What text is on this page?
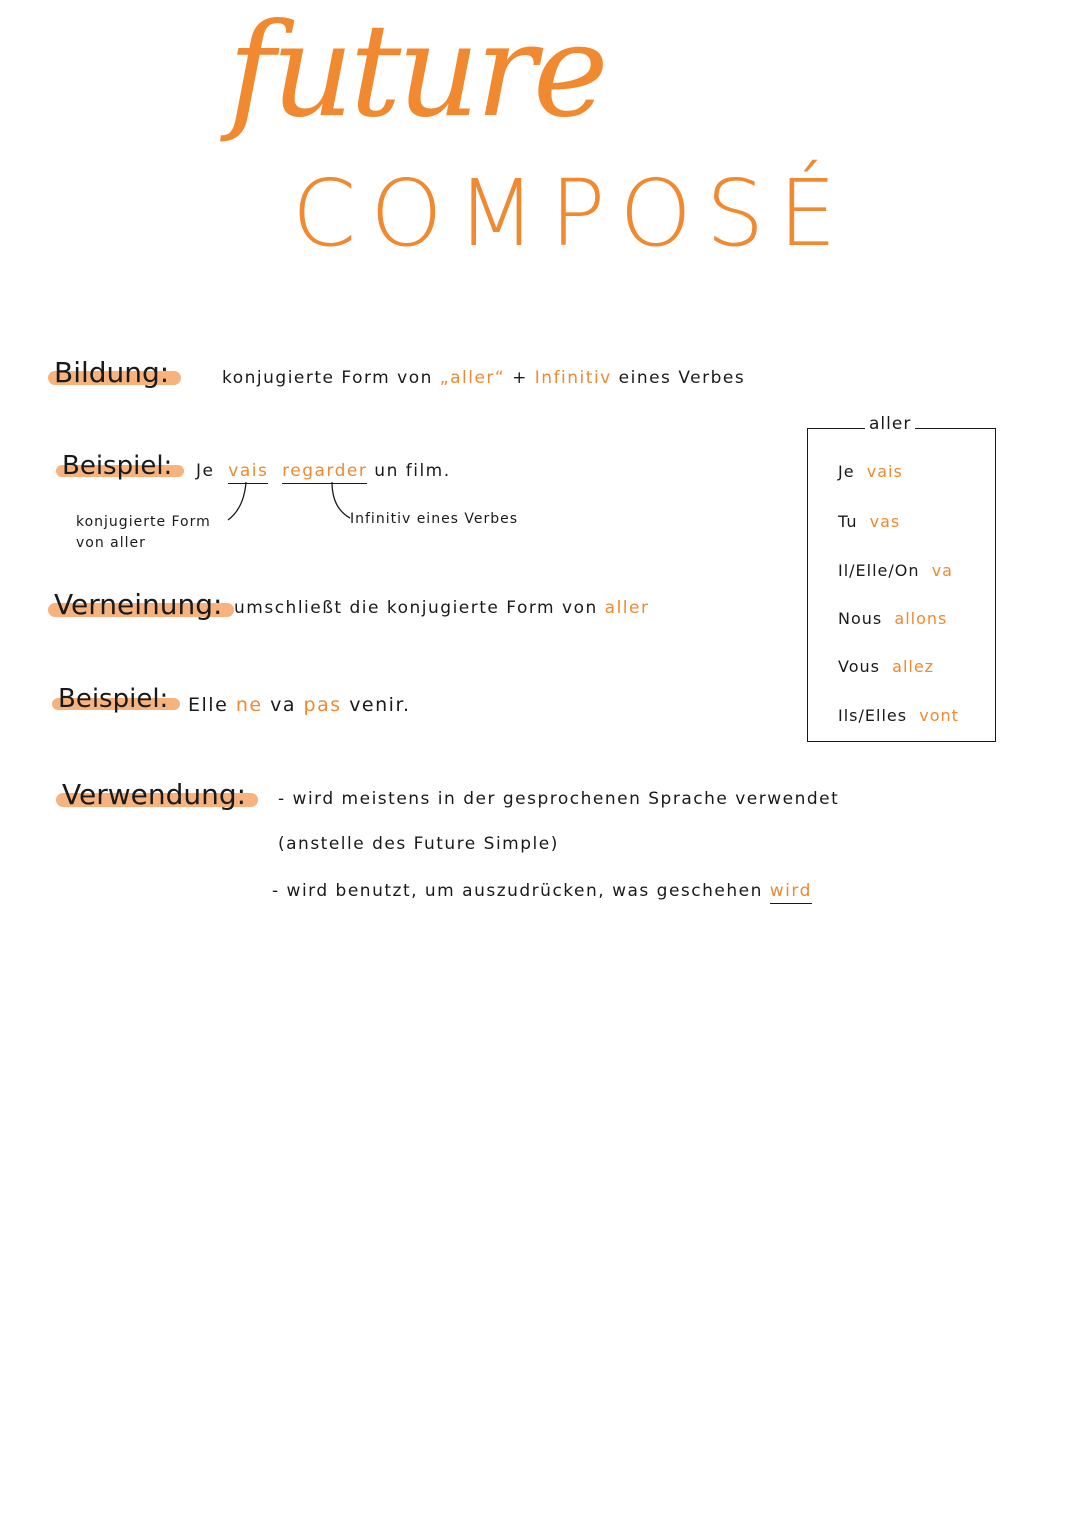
future
COMPOSÉ
Bildung:	konjugierte Form von „aller“ + Infinitiv eines Verbes
Beispiel:	Je vais regarder un film.
konjugierte Form
von aller
Infinitiv eines Verbes
Verneinung: umschließt die konjugierte Form von aller
Beispiel:	Elle ne va pas venir.
aller
Je vais
Tu vas
Il/Elle/On va
Nous allons
Vous allez
Ils/Elles vont
Verwendung:	- wird meistens in der gesprochenen Sprache verwendet
(anstelle des Future Simple)
- wird benutzt, um auszudrücken, was geschehen wird
